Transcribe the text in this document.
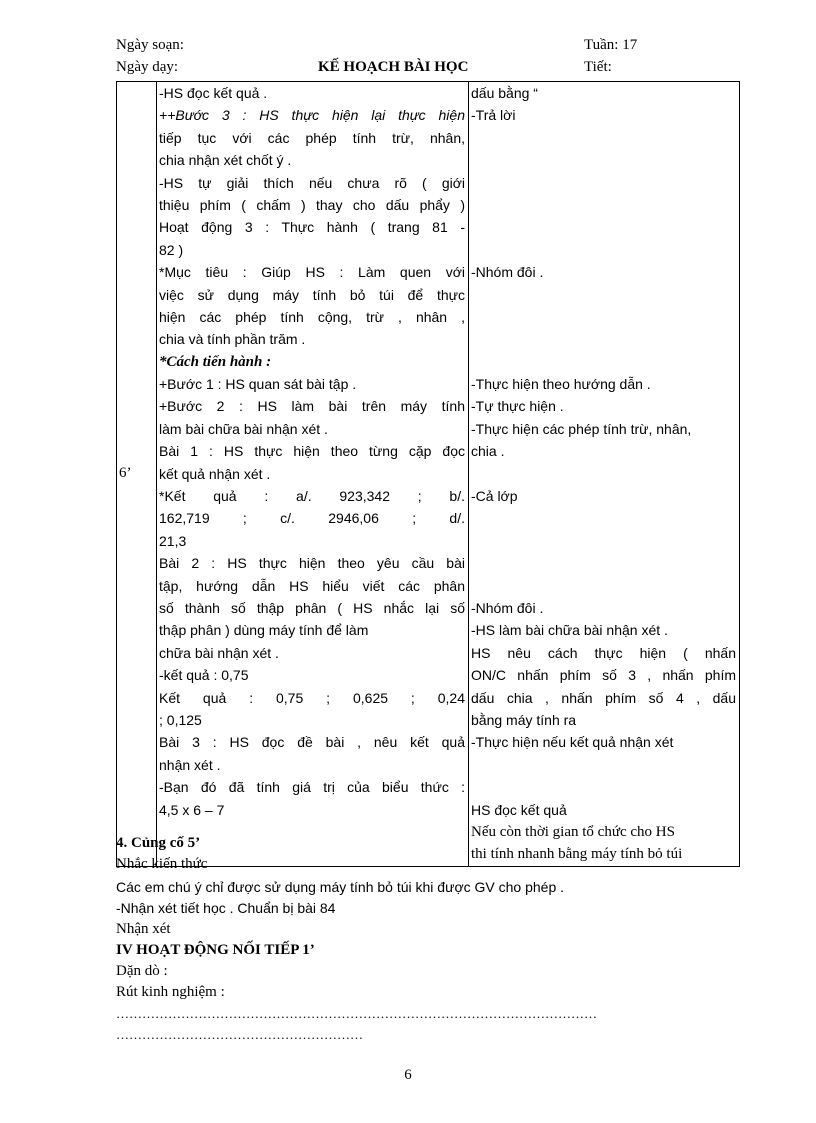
Ngày soạn:	Tuần: 17
Ngày dạy:	KẾ HOẠCH BÀI HỌC	Tiết:
6’

-HS đọc kết quả .
++Bước 3 : HS thực hiện lại thực hiện
tiếp tục với các phép tính trừ, nhân,
chia nhận xét chốt ý .
-HS tự giải thích nếu chưa rõ ( giới
thiệu phím ( chấm ) thay cho dấu phẩy )
Hoạt động 3 : Thực hành ( trang 81 -
82 )
*Mục tiêu : Giúp HS : Làm quen với
việc sử dụng máy tính bỏ túi để thực
hiện các phép tính cộng, trừ , nhân ,
chia và tính phần trăm .
*Cách tiến hành :
+Bước 1 : HS quan sát bài tập .
+Bước 2 : HS làm bài trên máy tính
làm bài chữa bài nhận xét .
Bài 1 : HS thực hiện theo từng cặp đọc
kết quả nhận xét .
*Kết quả : a/. 923,342 ; b/.
162,719 ; c/. 2946,06 ; d/.
21,3
Bài 2 : HS thực hiện theo yêu cầu bài
tập, hướng dẫn HS hiểu viết các phân
số thành số thập phân ( HS nhắc lại số
thập phân ) dùng máy tính để làm
chữa bài nhận xét .
-kết quả : 0,75
Kết quả : 0,75 ; 0,625 ; 0,24
; 0,125
Bài 3 : HS đọc đề bài , nêu kết quả
nhận xét .
-Bạn đó đã tính giá trị của biểu thức :
4,5 x 6 – 7

dấu bằng “
-Trả lời
-Nhóm đôi .
-Thực hiện theo hướng dẫn .
-Tự thực hiện .
-Thực hiện các phép tính trừ, nhân,
chia .
-Cả lớp
-Nhóm đôi .
-HS làm bài chữa bài nhận xét .
HS nêu cách thực hiện ( nhấn
ON/C nhấn phím số 3 , nhấn phím
dấu chia , nhấn phím số 4 , dấu
bằng máy tính ra
-Thực hiện nếu kết quả nhận xét
HS đọc kết quả
Nếu còn thời gian tổ chức cho HS
thi tính nhanh bằng máy tính bỏ túi
4. Củng cố 5’
Nhắc kiến thức
Các em chú ý chỉ được sử dụng máy tính bỏ túi khi được GV cho phép .
-Nhận xét tiết học . Chuẩn bị bài 84
Nhận xét
IV HOẠT ĐỘNG NỐI TIẾP 1’
Dặn dò :
Rút kinh nghiệm :
…………………………………………………………………………………………………
…………………………………………………
6
